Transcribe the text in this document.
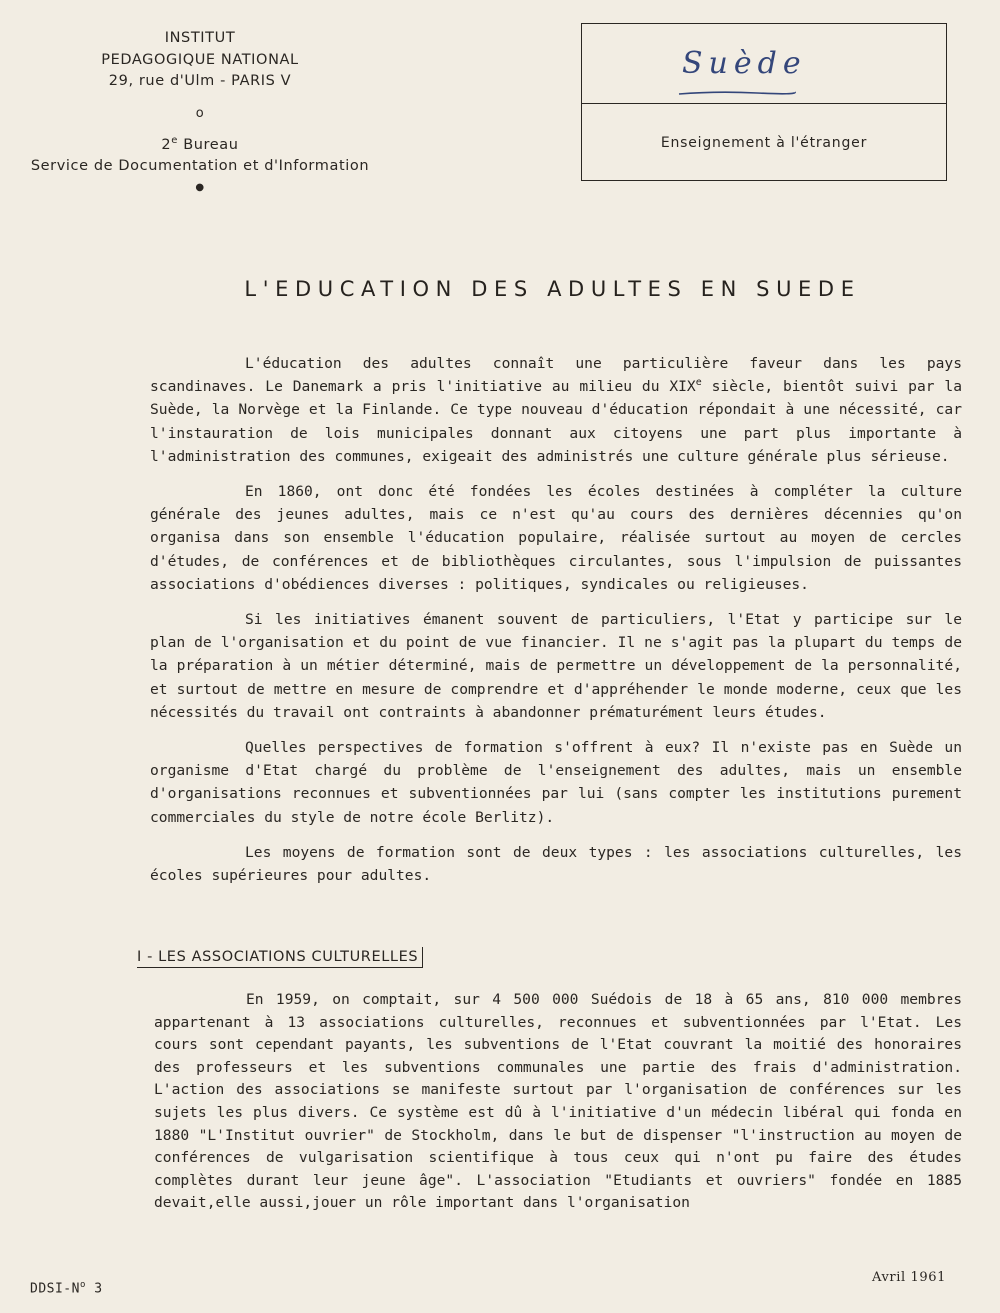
INSTITUT
PEDAGOGIQUE NATIONAL
29, rue d'Ulm - PARIS V
o
2e Bureau
Service de Documentation et d'Information
●
Suède
Enseignement à l'étranger
L'EDUCATION DES ADULTES EN SUEDE

L'éducation des adultes connaît une particulière faveur dans les pays scandinaves. Le Danemark a pris l'initiative au milieu du XIXe siècle, bientôt suivi par la Suède, la Norvège et la Finlande. Ce type nouveau d'éducation répondait à une nécessité, car l'instauration de lois municipales donnant aux citoyens une part plus importante à l'administration des communes, exigeait des administrés une culture générale plus sérieuse.

En 1860, ont donc été fondées les écoles destinées à compléter la culture générale des jeunes adultes, mais ce n'est qu'au cours des dernières décennies qu'on organisa dans son ensemble l'éducation populaire, réalisée surtout au moyen de cercles d'études, de conférences et de bibliothèques circulantes, sous l'impulsion de puissantes associations d'obédiences diverses : politiques, syndicales ou religieuses.

Si les initiatives émanent souvent de particuliers, l'Etat y participe sur le plan de l'organisation et du point de vue financier. Il ne s'agit pas la plupart du temps de la préparation à un métier déterminé, mais de permettre un développement de la personnalité, et surtout de mettre en mesure de comprendre et d'appréhender le monde moderne, ceux que les nécessités du travail ont contraints à abandonner prématurément leurs études.

Quelles perspectives de formation s'offrent à eux? Il n'existe pas en Suède un organisme d'Etat chargé du problème de l'enseignement des adultes, mais un ensemble d'organisations reconnues et subventionnées par lui (sans compter les institutions purement commerciales du style de notre école Berlitz).

Les moyens de formation sont de deux types : les associations culturelles, les écoles supérieures pour adultes.

I - LES ASSOCIATIONS CULTURELLES

En 1959, on comptait, sur 4 500 000 Suédois de 18 à 65 ans, 810 000 membres appartenant à 13 associations culturelles, reconnues et subventionnées par l'Etat. Les cours sont cependant payants, les subventions de l'Etat couvrant la moitié des honoraires des professeurs et les subventions communales une partie des frais d'administration. L'action des associations se manifeste surtout par l'organisation de conférences sur les sujets les plus divers. Ce système est dû à l'initiative d'un médecin libéral qui fonda en 1880 "L'Institut ouvrier" de Stockholm, dans le but de dispenser "l'instruction au moyen de conférences de vulgarisation scientifique à tous ceux qui n'ont pu faire des études complètes durant leur jeune âge". L'association "Etudiants et ouvriers" fondée en 1885 devait,elle aussi,jouer un rôle important dans l'organisation

DDSI-$N^o$ 3
Avril 1961
